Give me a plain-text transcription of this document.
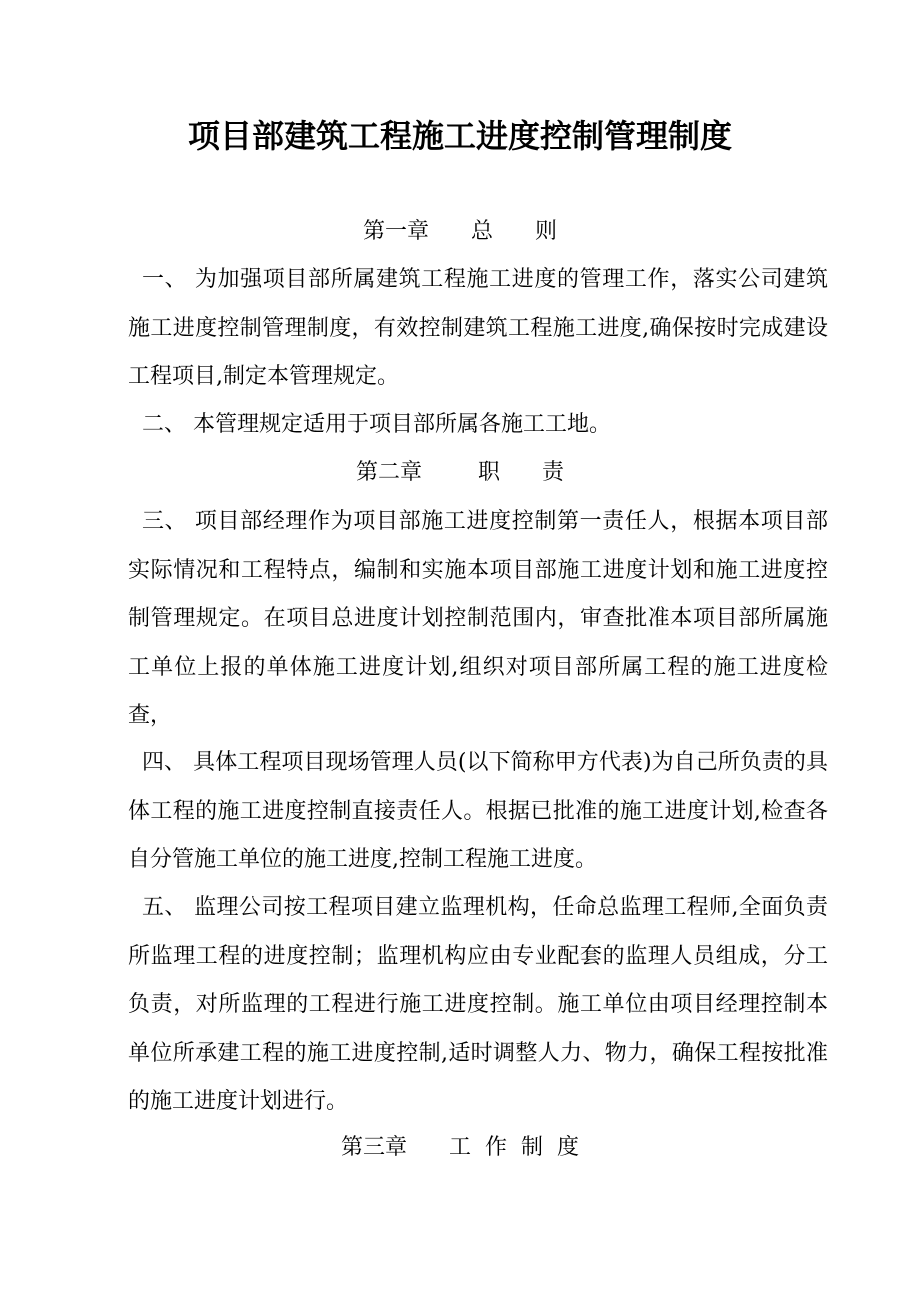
项目部建筑工程施工进度控制管理制度
第一章      总      则

一、 为加强项目部所属建筑工程施工进度的管理工作，落实公司建筑施工进度控制管理制度，有效控制建筑工程施工进度,确保按时完成建设工程项目,制定本管理规定。

二、 本管理规定适用于项目部所属各施工工地。

第二章        职      责

三、 项目部经理作为项目部施工进度控制第一责任人，根据本项目部实际情况和工程特点，编制和实施本项目部施工进度计划和施工进度控制管理规定。在项目总进度计划控制范围内，审查批准本项目部所属施工单位上报的单体施工进度计划,组织对项目部所属工程的施工进度检查，

四、 具体工程项目现场管理人员(以下简称甲方代表)为自己所负责的具体工程的施工进度控制直接责任人。根据已批准的施工进度计划,检查各自分管施工单位的施工进度,控制工程施工进度。

五、 监理公司按工程项目建立监理机构，任命总监理工程师,全面负责所监理工程的进度控制；监理机构应由专业配套的监理人员组成，分工负责，对所监理的工程进行施工进度控制。施工单位由项目经理控制本单位所承建工程的施工进度控制,适时调整人力、物力，确保工程按批准的施工进度计划进行。

第三章      工  作  制  度
